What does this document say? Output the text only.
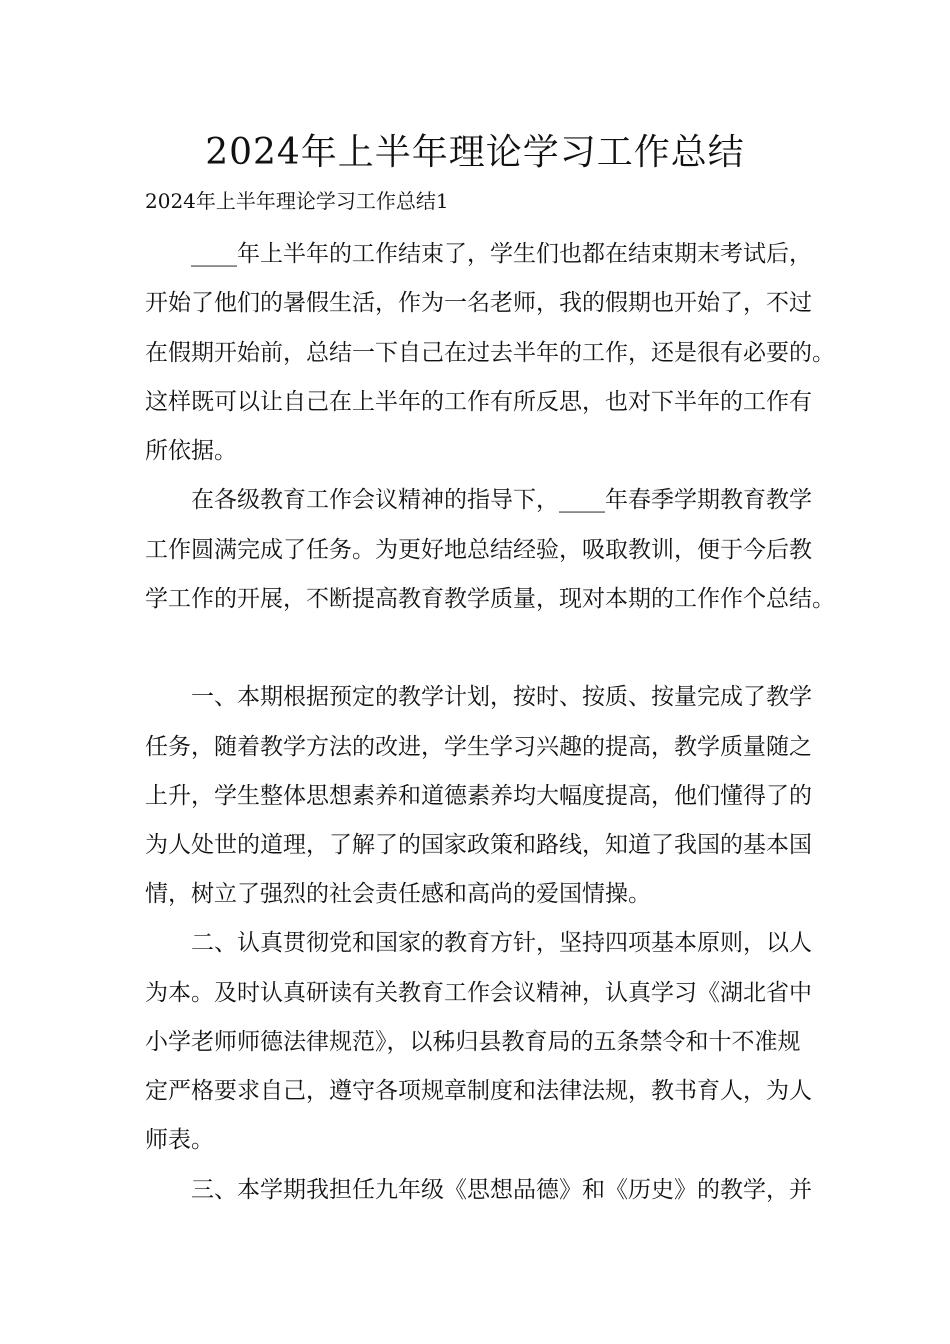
2024年上半年理论学习工作总结

2024年上半年理论学习工作总结1

____年上半年的工作结束了，学生们也都在结束期末考试后，

开始了他们的暑假生活，作为一名老师，我的假期也开始了，不过

在假期开始前，总结一下自己在过去半年的工作，还是很有必要的。

这样既可以让自己在上半年的工作有所反思，也对下半年的工作有

所依据。

在各级教育工作会议精神的指导下，____年春季学期教育教学

工作圆满完成了任务。为更好地总结经验，吸取教训，便于今后教

学工作的开展，不断提高教育教学质量，现对本期的工作作个总结。

一、本期根据预定的教学计划，按时、按质、按量完成了教学

任务，随着教学方法的改进，学生学习兴趣的提高，教学质量随之

上升，学生整体思想素养和道德素养均大幅度提高，他们懂得了的

为人处世的道理，了解了的国家政策和路线，知道了我国的基本国

情，树立了强烈的社会责任感和高尚的爱国情操。

二、认真贯彻党和国家的教育方针，坚持四项基本原则，以人

为本。及时认真研读有关教育工作会议精神，认真学习《湖北省中

小学老师师德法律规范》，以秭归县教育局的五条禁令和十不准规

定严格要求自己，遵守各项规章制度和法律法规，教书育人，为人

师表。

三、本学期我担任九年级《思想品德》和《历史》的教学，并
